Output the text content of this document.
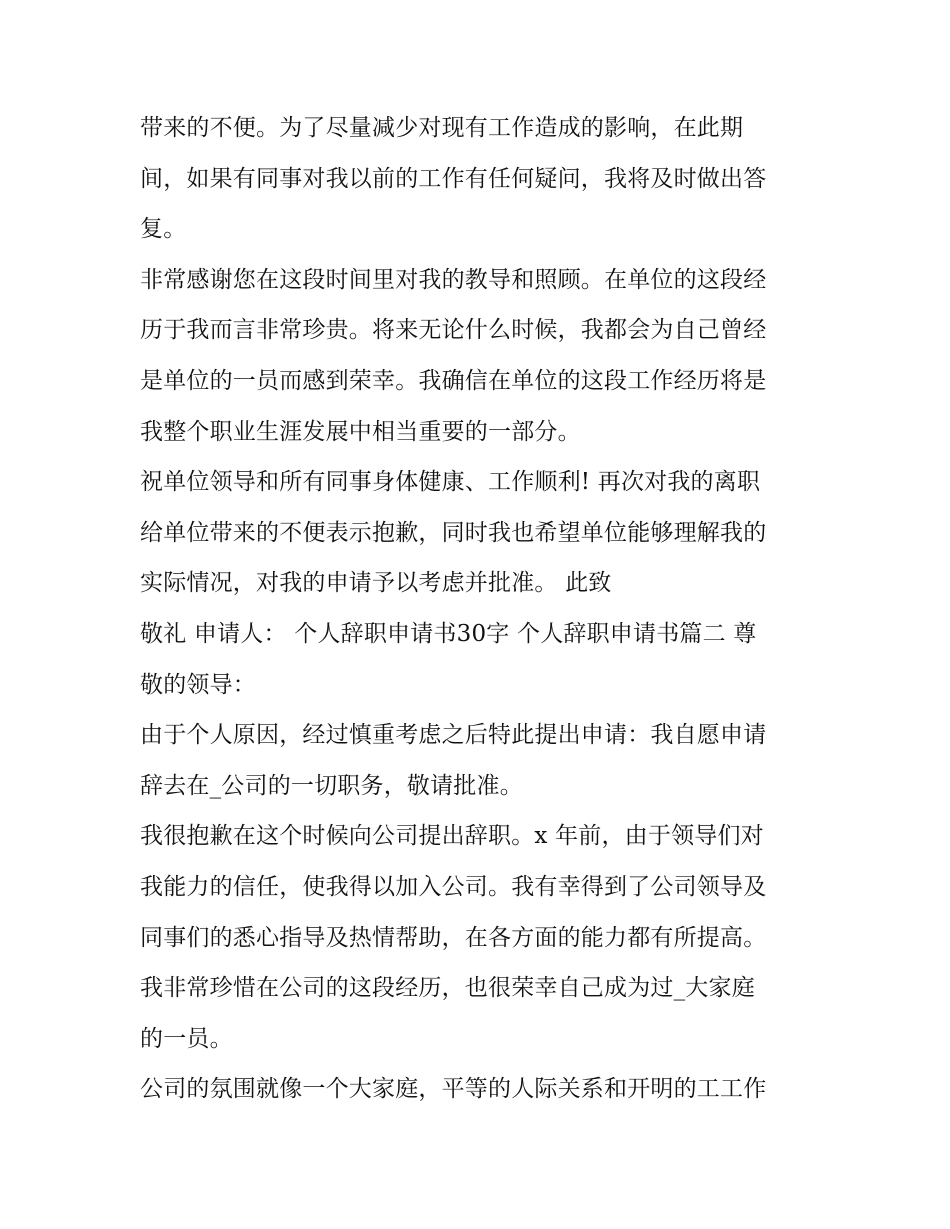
带来的不便。为了尽量减少对现有工作造成的影响，在此期
间，如果有同事对我以前的工作有任何疑问，我将及时做出答
复。
非常感谢您在这段时间里对我的教导和照顾。在单位的这段经
历于我而言非常珍贵。将来无论什么时候，我都会为自己曾经
是单位的一员而感到荣幸。我确信在单位的这段工作经历将是
我整个职业生涯发展中相当重要的一部分。
祝单位领导和所有同事身体健康、工作顺利! 再次对我的离职
给单位带来的不便表示抱歉，同时我也希望单位能够理解我的
实际情况，对我的申请予以考虑并批准。 此致
敬礼 申请人： 个人辞职申请书30字 个人辞职申请书篇二 尊
敬的领导：
由于个人原因，经过慎重考虑之后特此提出申请：我自愿申请
辞去在_公司的一切职务，敬请批准。
我很抱歉在这个时候向公司提出辞职。x 年前，由于领导们对
我能力的信任，使我得以加入公司。我有幸得到了公司领导及
同事们的悉心指导及热情帮助，在各方面的能力都有所提高。
我非常珍惜在公司的这段经历，也很荣幸自己成为过_大家庭
的一员。
公司的氛围就像一个大家庭，平等的人际关系和开明的工工作
